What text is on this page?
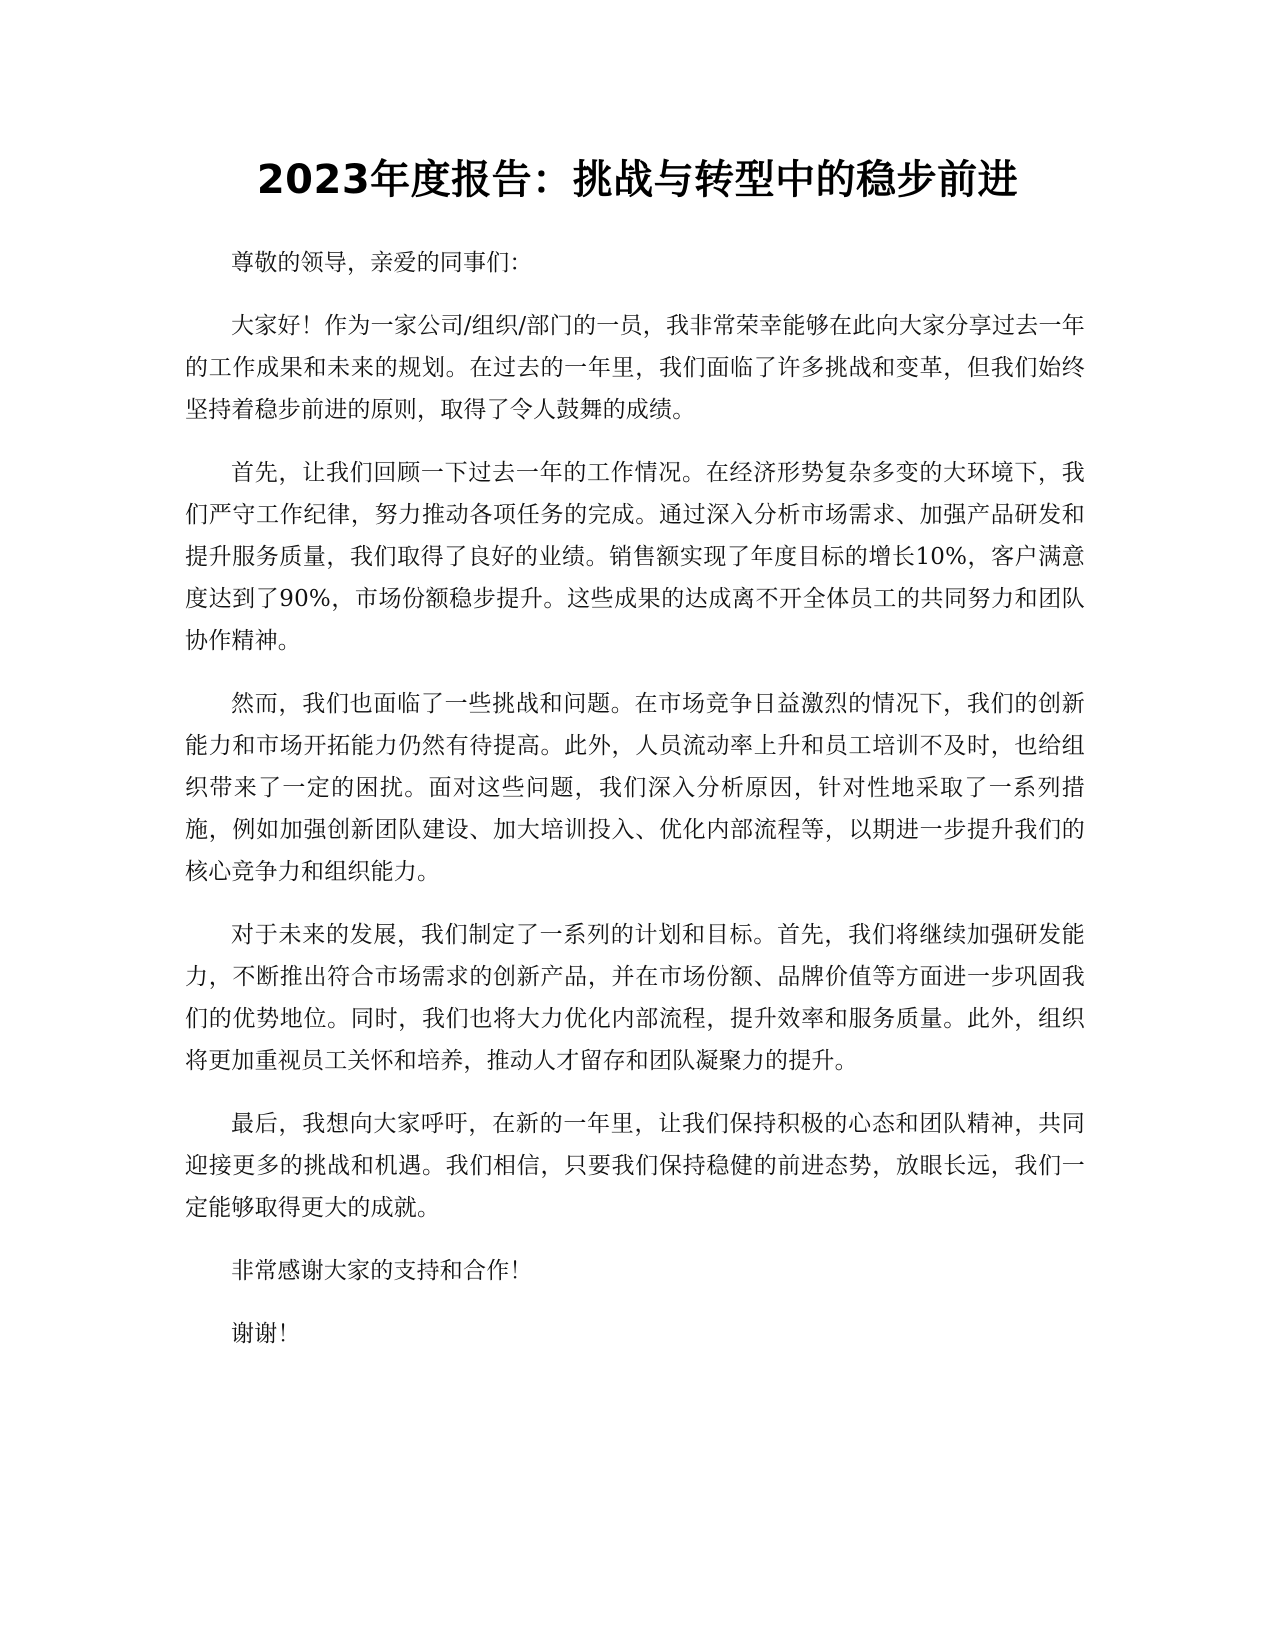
2023年度报告：挑战与转型中的稳步前进

尊敬的领导，亲爱的同事们：

大家好！作为一家公司/组织/部门的一员，我非常荣幸能够在此向大家分享过去一年的工作成果和未来的规划。在过去的一年里，我们面临了许多挑战和变革，但我们始终坚持着稳步前进的原则，取得了令人鼓舞的成绩。

首先，让我们回顾一下过去一年的工作情况。在经济形势复杂多变的大环境下，我们严守工作纪律，努力推动各项任务的完成。通过深入分析市场需求、加强产品研发和提升服务质量，我们取得了良好的业绩。销售额实现了年度目标的增长10%，客户满意度达到了90%，市场份额稳步提升。这些成果的达成离不开全体员工的共同努力和团队协作精神。

然而，我们也面临了一些挑战和问题。在市场竞争日益激烈的情况下，我们的创新能力和市场开拓能力仍然有待提高。此外，人员流动率上升和员工培训不及时，也给组织带来了一定的困扰。面对这些问题，我们深入分析原因，针对性地采取了一系列措施，例如加强创新团队建设、加大培训投入、优化内部流程等，以期进一步提升我们的核心竞争力和组织能力。

对于未来的发展，我们制定了一系列的计划和目标。首先，我们将继续加强研发能力，不断推出符合市场需求的创新产品，并在市场份额、品牌价值等方面进一步巩固我们的优势地位。同时，我们也将大力优化内部流程，提升效率和服务质量。此外，组织将更加重视员工关怀和培养，推动人才留存和团队凝聚力的提升。

最后，我想向大家呼吁，在新的一年里，让我们保持积极的心态和团队精神，共同迎接更多的挑战和机遇。我们相信，只要我们保持稳健的前进态势，放眼长远，我们一定能够取得更大的成就。

非常感谢大家的支持和合作！

谢谢！
